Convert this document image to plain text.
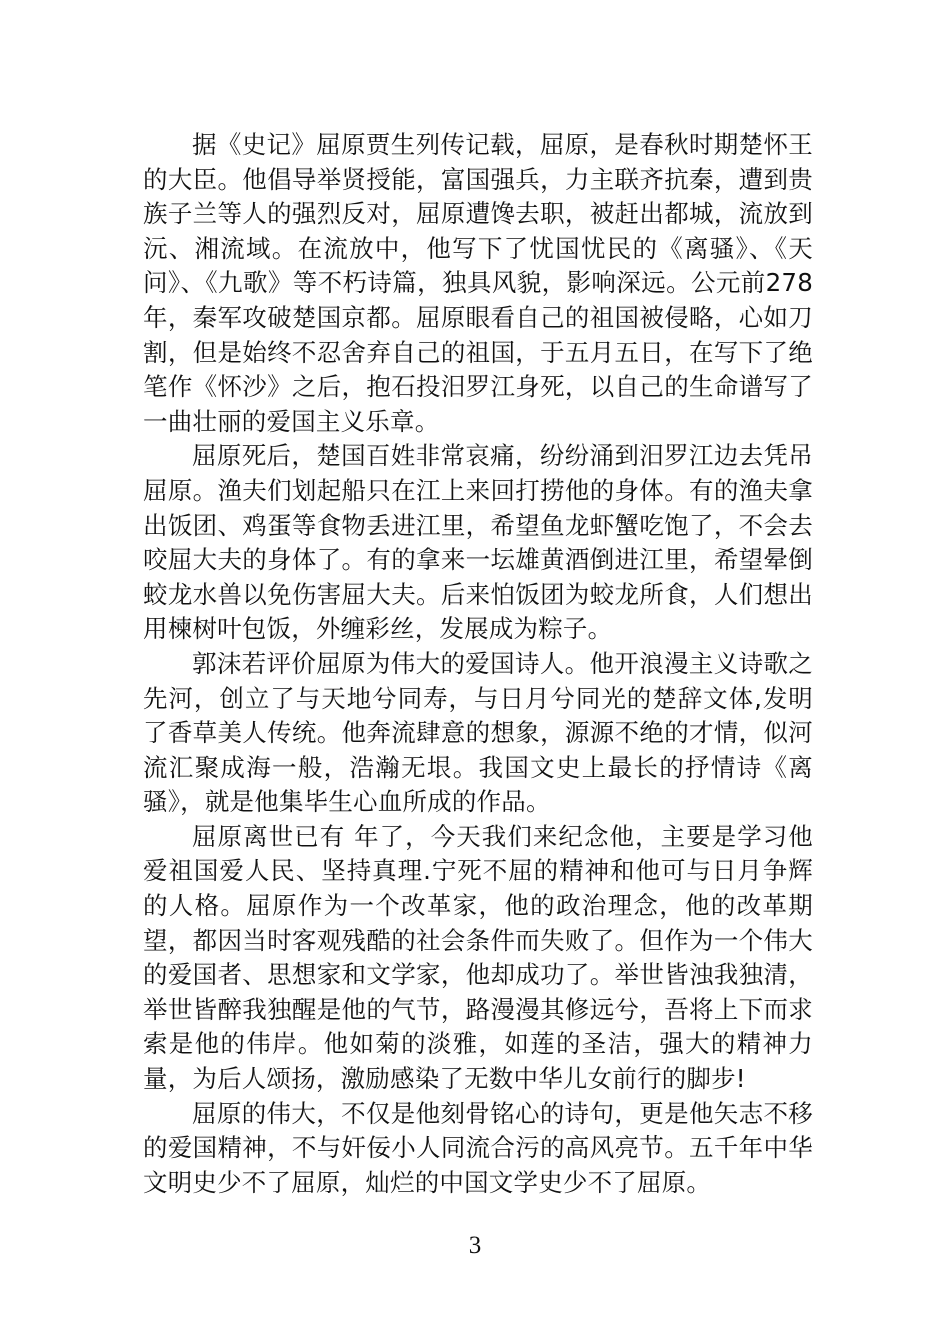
据《史记》屈原贾生列传记载，屈原，是春秋时期楚怀王的大臣。他倡导举贤授能，富国强兵，力主联齐抗秦，遭到贵族子兰等人的强烈反对，屈原遭馋去职，被赶出都城，流放到沅、湘流域。在流放中，他写下了忧国忧民的《离骚》、《天问》、《九歌》等不朽诗篇，独具风貌，影响深远。公元前278年，秦军攻破楚国京都。屈原眼看自己的祖国被侵略，心如刀割，但是始终不忍舍弃自己的祖国，于五月五日，在写下了绝笔作《怀沙》之后，抱石投汨罗江身死，以自己的生命谱写了一曲壮丽的爱国主义乐章。

屈原死后，楚国百姓非常哀痛，纷纷涌到汨罗江边去凭吊屈原。渔夫们划起船只在江上来回打捞他的身体。有的渔夫拿出饭团、鸡蛋等食物丢进江里，希望鱼龙虾蟹吃饱了，不会去咬屈大夫的身体了。有的拿来一坛雄黄酒倒进江里，希望晕倒蛟龙水兽以免伤害屈大夫。后来怕饭团为蛟龙所食，人们想出用楝树叶包饭，外缠彩丝，发展成为粽子。

郭沫若评价屈原为伟大的爱国诗人。他开浪漫主义诗歌之先河，创立了与天地兮同寿，与日月兮同光的楚辞文体,发明了香草美人传统。他奔流肆意的想象，源源不绝的才情，似河流汇聚成海一般，浩瀚无垠。我国文史上最长的抒情诗《离骚》，就是他集毕生心血所成的作品。

屈原离世已有 年了，今天我们来纪念他，主要是学习他爱祖国爱人民、坚持真理.宁死不屈的精神和他可与日月争辉的人格。屈原作为一个改革家，他的政治理念，他的改革期望，都因当时客观残酷的社会条件而失败了。但作为一个伟大的爱国者、思想家和文学家，他却成功了。举世皆浊我独清，举世皆醉我独醒是他的气节，路漫漫其修远兮，吾将上下而求索是他的伟岸。他如菊的淡雅，如莲的圣洁，强大的精神力量，为后人颂扬，激励感染了无数中华儿女前行的脚步!

屈原的伟大，不仅是他刻骨铭心的诗句，更是他矢志不移的爱国精神，不与奸佞小人同流合污的高风亮节。五千年中华文明史少不了屈原，灿烂的中国文学史少不了屈原。

3
